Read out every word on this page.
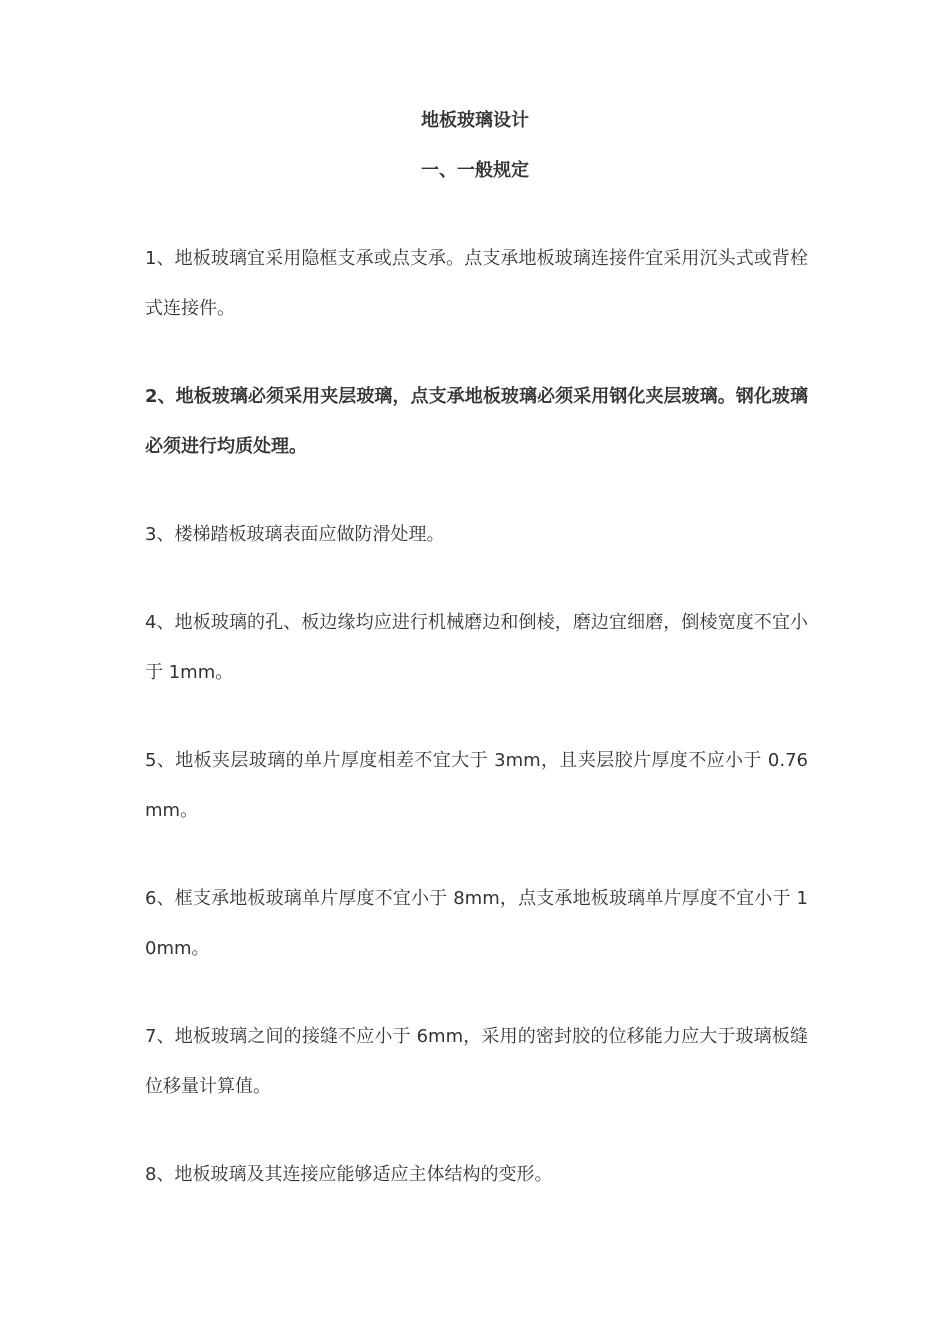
地板玻璃设计
一、一般规定

1、地板玻璃宜采用隐框支承或点支承。点支承地板玻璃连接件宜采用沉头式或背栓式连接件。

2、地板玻璃必须采用夹层玻璃，点支承地板玻璃必须采用钢化夹层玻璃。钢化玻璃必须进行均质处理。

3、楼梯踏板玻璃表面应做防滑处理。

4、地板玻璃的孔、板边缘均应进行机械磨边和倒棱，磨边宜细磨，倒棱宽度不宜小于 1mm。

5、地板夹层玻璃的单片厚度相差不宜大于 3mm，且夹层胶片厚度不应小于 0.76mm。

6、框支承地板玻璃单片厚度不宜小于 8mm，点支承地板玻璃单片厚度不宜小于 10mm。

7、地板玻璃之间的接缝不应小于 6mm，采用的密封胶的位移能力应大于玻璃板缝位移量计算值。

8、地板玻璃及其连接应能够适应主体结构的变形。
